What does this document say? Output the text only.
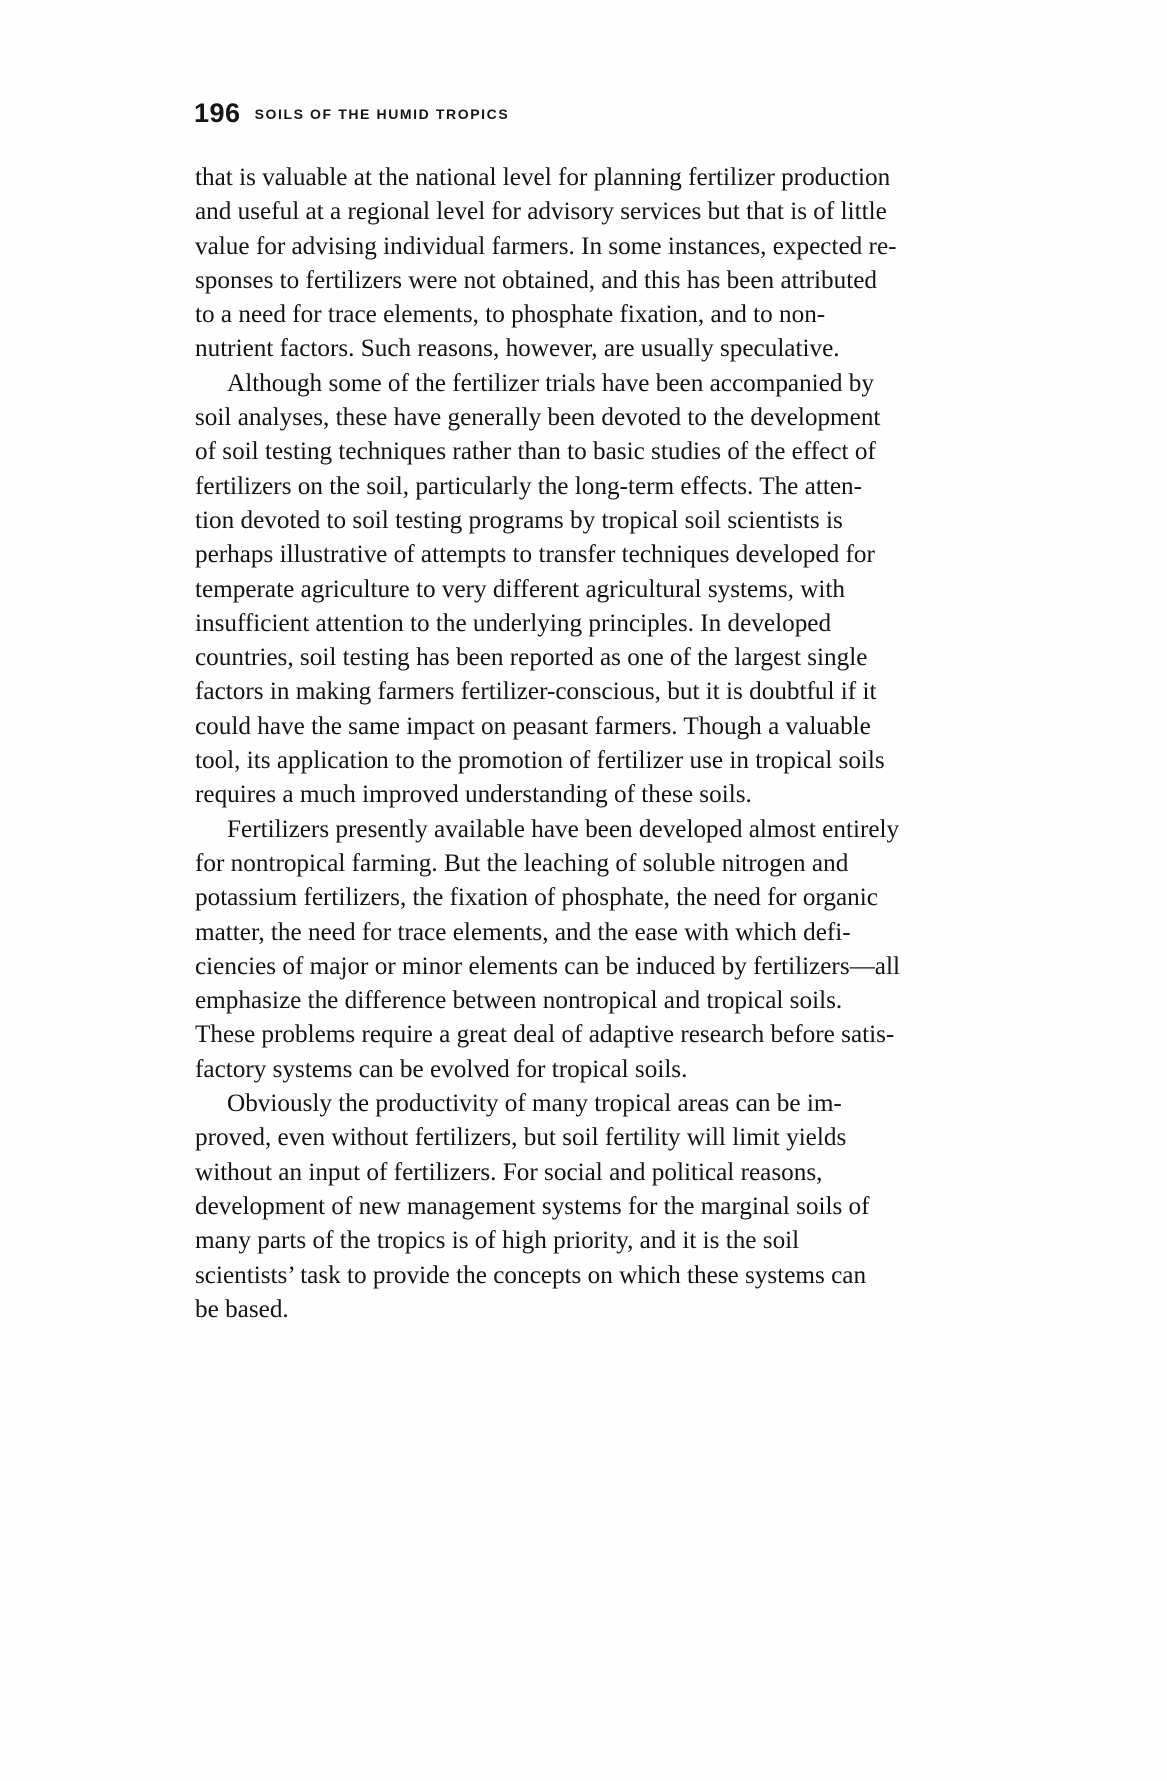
196 SOILS OF THE HUMID TROPICS

that is valuable at the national level for planning fertilizer production
and useful at a regional level for advisory services but that is of little
value for advising individual farmers. In some instances, expected re-
sponses to fertilizers were not obtained, and this has been attributed
to a need for trace elements, to phosphate fixation, and to non-
nutrient factors. Such reasons, however, are usually speculative.

Although some of the fertilizer trials have been accompanied by
soil analyses, these have generally been devoted to the development
of soil testing techniques rather than to basic studies of the effect of
fertilizers on the soil, particularly the long-term effects. The atten-
tion devoted to soil testing programs by tropical soil scientists is
perhaps illustrative of attempts to transfer techniques developed for
temperate agriculture to very different agricultural systems, with
insufficient attention to the underlying principles. In developed
countries, soil testing has been reported as one of the largest single
factors in making farmers fertilizer-conscious, but it is doubtful if it
could have the same impact on peasant farmers. Though a valuable
tool, its application to the promotion of fertilizer use in tropical soils
requires a much improved understanding of these soils.

Fertilizers presently available have been developed almost entirely
for nontropical farming. But the leaching of soluble nitrogen and
potassium fertilizers, the fixation of phosphate, the need for organic
matter, the need for trace elements, and the ease with which defi-
ciencies of major or minor elements can be induced by fertilizers—all
emphasize the difference between nontropical and tropical soils.
These problems require a great deal of adaptive research before satis-
factory systems can be evolved for tropical soils.

Obviously the productivity of many tropical areas can be im-
proved, even without fertilizers, but soil fertility will limit yields
without an input of fertilizers. For social and political reasons,
development of new management systems for the marginal soils of
many parts of the tropics is of high priority, and it is the soil
scientists’ task to provide the concepts on which these systems can
be based.
